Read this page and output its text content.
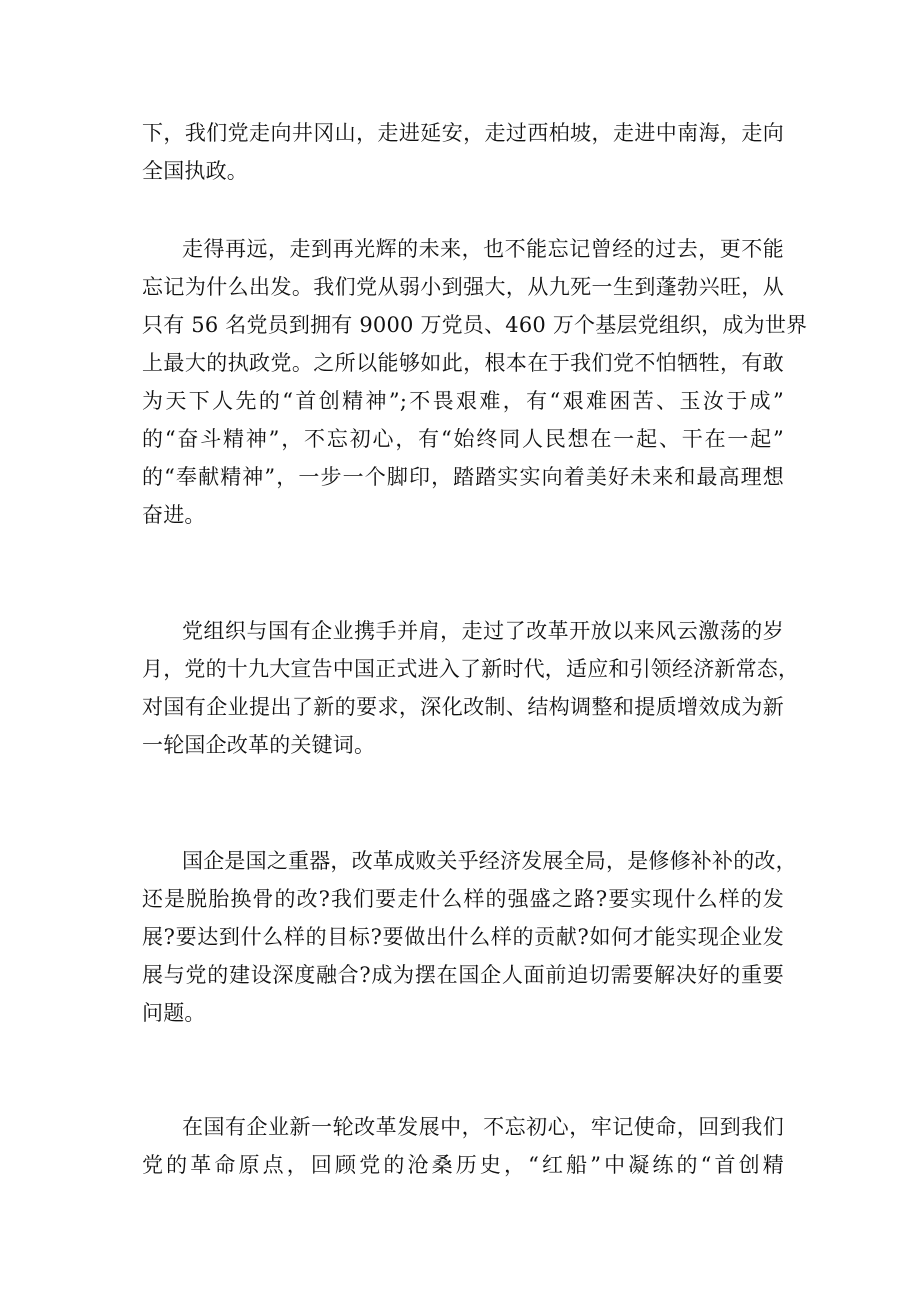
下，我们党走向井冈山，走进延安，走过西柏坡，走进中南海，走向
全国执政。
走得再远，走到再光辉的未来，也不能忘记曾经的过去，更不能
忘记为什么出发。我们党从弱小到强大，从九死一生到蓬勃兴旺，从
只有 56 名党员到拥有 9000 万党员、460 万个基层党组织，成为世界
上最大的执政党。之所以能够如此，根本在于我们党不怕牺牲，有敢
为天下人先的“首创精神”;不畏艰难，有“艰难困苦、玉汝于成”
的“奋斗精神”，不忘初心，有“始终同人民想在一起、干在一起”
的“奉献精神”，一步一个脚印，踏踏实实向着美好未来和最高理想
奋进。
党组织与国有企业携手并肩，走过了改革开放以来风云激荡的岁
月，党的十九大宣告中国正式进入了新时代，适应和引领经济新常态，
对国有企业提出了新的要求，深化改制、结构调整和提质增效成为新
一轮国企改革的关键词。
国企是国之重器，改革成败关乎经济发展全局，是修修补补的改，
还是脱胎换骨的改?我们要走什么样的强盛之路?要实现什么样的发
展?要达到什么样的目标?要做出什么样的贡献?如何才能实现企业发
展与党的建设深度融合?成为摆在国企人面前迫切需要解决好的重要
问题。
在国有企业新一轮改革发展中，不忘初心，牢记使命，回到我们
党的革命原点，回顾党的沧桑历史，“红船”中凝练的“首创精
